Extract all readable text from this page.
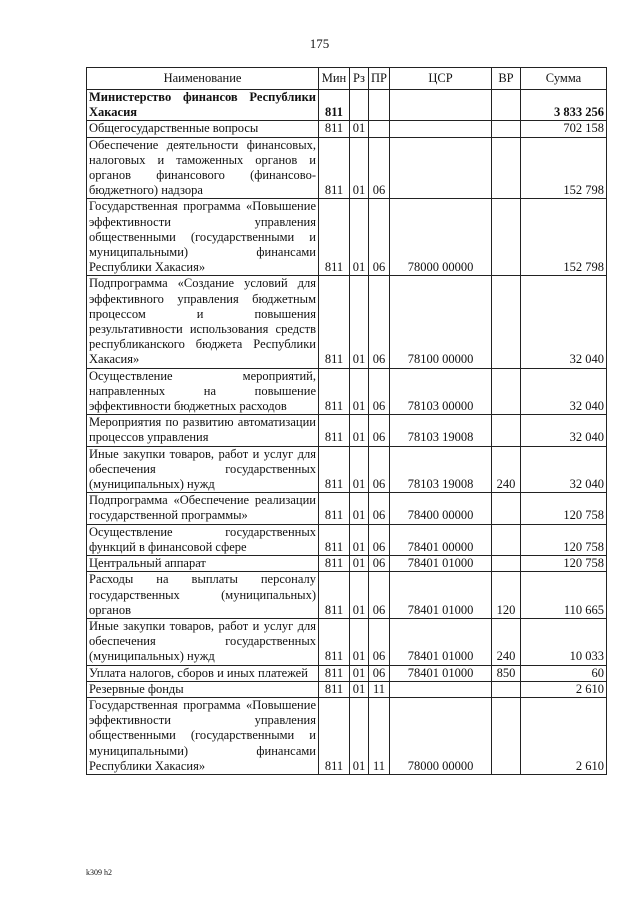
175
Наименование	Мин	Рз	ПР	ЦСР	ВР	Сумма
Министерство финансов Республики Хакасия	811					3 833 256
Общегосударственные вопросы	811	01				702 158
Обеспечение деятельности финансовых, налоговых и таможенных органов и органов финансового (финансово-бюджетного) надзора	811	01	06			152 798
Государственная программа «Повышение эффективности управления общественными (государственными и муниципальными) финансами Республики Хакасия»	811	01	06	78000 00000		152 798
Подпрограмма «Создание условий для эффективного управления бюджетным процессом и повышения результативности использования средств республиканского бюджета Республики Хакасия»	811	01	06	78100 00000		32 040
Осуществление мероприятий, направленных на повышение эффективности бюджетных расходов	811	01	06	78103 00000		32 040
Мероприятия по развитию автоматизации процессов управления	811	01	06	78103 19008		32 040
Иные закупки товаров, работ и услуг для обеспечения государственных (муниципальных) нужд	811	01	06	78103 19008	240	32 040
Подпрограмма «Обеспечение реализации государственной программы»	811	01	06	78400 00000		120 758
Осуществление государственных функций в финансовой сфере	811	01	06	78401 00000		120 758
Центральный аппарат	811	01	06	78401 01000		120 758
Расходы на выплаты персоналу государственных (муниципальных) органов	811	01	06	78401 01000	120	110 665
Иные закупки товаров, работ и услуг для обеспечения государственных (муниципальных) нужд	811	01	06	78401 01000	240	10 033
Уплата налогов, сборов и иных платежей	811	01	06	78401 01000	850	60
Резервные фонды	811	01	11			2 610
Государственная программа «Повышение эффективности управления общественными (государственными и муниципальными) финансами Республики Хакасия»	811	01	11	78000 00000		2 610
k309 h2
